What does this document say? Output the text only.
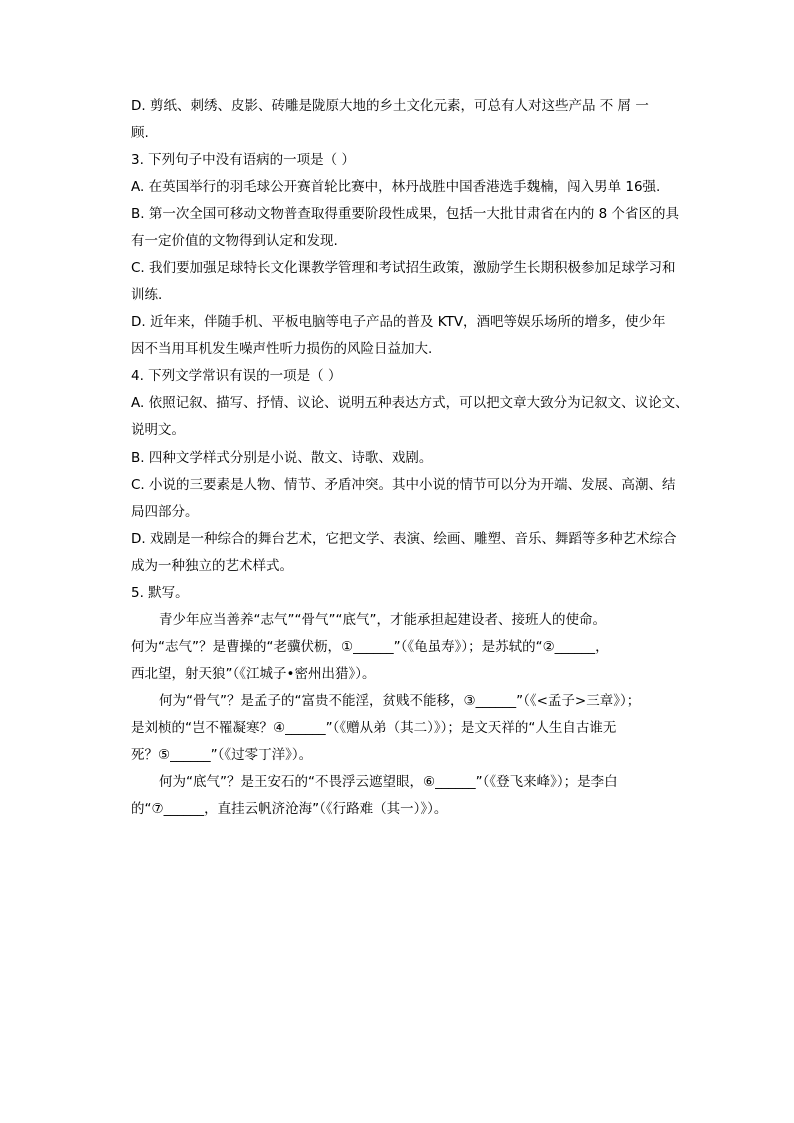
D. 剪纸、刺绣、皮影、砖雕是陇原大地的乡土文化元素，可总有人对这些产品 不 屑 一
顾.
3. 下列句子中没有语病的一项是（ ）
A. 在英国举行的羽毛球公开赛首轮比赛中，林丹战胜中国香港选手魏楠，闯入男单 16强.
B. 第一次全国可移动文物普查取得重要阶段性成果，包括一大批甘肃省在内的 8 个省区的具
有一定价值的文物得到认定和发现.
C. 我们要加强足球特长文化课教学管理和考试招生政策，激励学生长期积极参加足球学习和
训练.
D. 近年来，伴随手机、平板电脑等电子产品的普及 KTV，酒吧等娱乐场所的增多，使少年
因不当用耳机发生噪声性听力损伤的风险日益加大.
4. 下列文学常识有误的一项是（ ）
A. 依照记叙、描写、抒情、议论、说明五种表达方式，可以把文章大致分为记叙文、议论文、
说明文。
B. 四种文学样式分别是小说、散文、诗歌、戏剧。
C. 小说的三要素是人物、情节、矛盾冲突。其中小说的情节可以分为开端、发展、高潮、结
局四部分。
D. 戏剧是一种综合的舞台艺术，它把文学、表演、绘画、雕塑、音乐、舞蹈等多种艺术综合
成为一种独立的艺术样式。
5. 默写。
青少年应当善养“志气”“骨气”“底气”，才能承担起建设者、接班人的使命。
何为“志气”？是曹操的“老骥伏枥，①______”（《龟虽寿》）；是苏轼的“②______，
西北望，射天狼”（《江城子•密州出猎》）。
何为“骨气”？是孟子的“富贵不能淫，贫贱不能移，③______”（《<孟子>三章》）；
是刘桢的“岂不罹凝寒？④______”（《赠从弟（其二）》）；是文天祥的“人生自古谁无
死？⑤______”（《过零丁洋》）。
何为“底气”？是王安石的“不畏浮云遮望眼，⑥______”（《登飞来峰》）；是李白
的“⑦______，直挂云帆济沧海”（《行路难（其一）》）。
